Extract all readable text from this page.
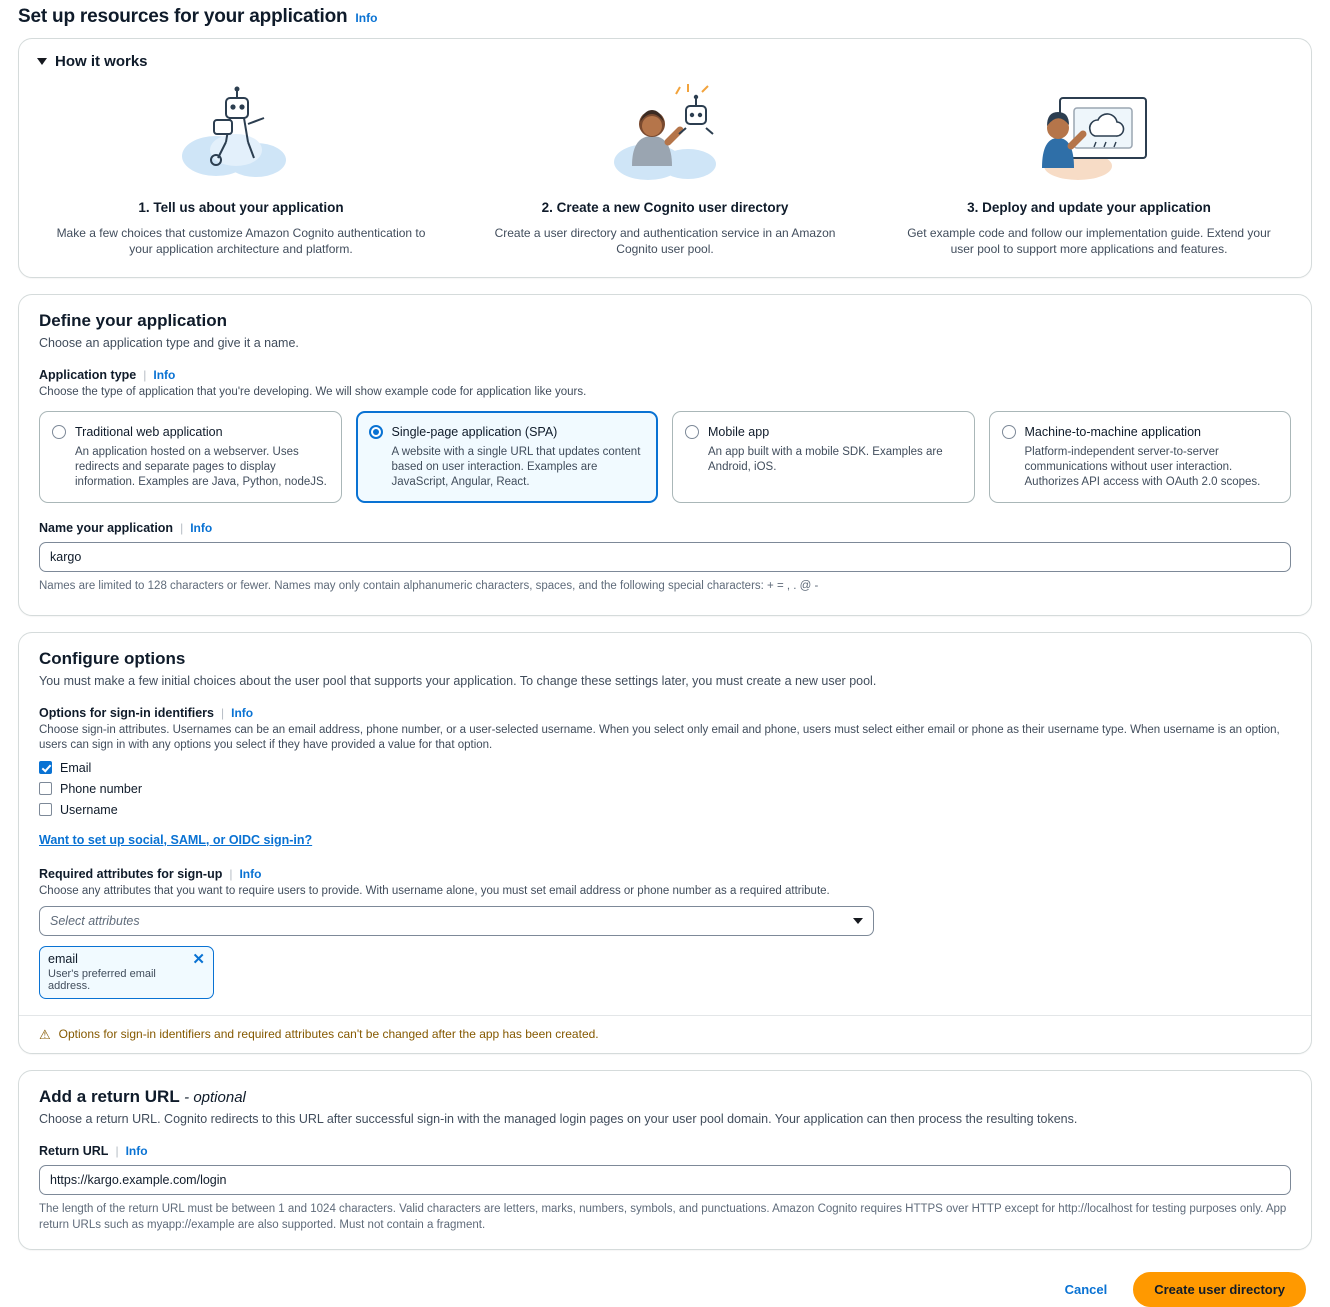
Set up resources for your application Info
How it works
1. Tell us about your application
Make a few choices that customize Amazon Cognito authentication to your application architecture and platform.
2. Create a new Cognito user directory
Create a user directory and authentication service in an Amazon Cognito user pool.
3. Deploy and update your application
Get example code and follow our implementation guide. Extend your user pool to support more applications and features.
Define your application
Choose an application type and give it a name.
Application type | Info
Choose the type of application that you're developing. We will show example code for application like yours.
Traditional web application
An application hosted on a webserver. Uses redirects and separate pages to display information. Examples are Java, Python, nodeJS.
Single-page application (SPA)
A website with a single URL that updates content based on user interaction. Examples are JavaScript, Angular, React.
Mobile app
An app built with a mobile SDK. Examples are Android, iOS.
Machine-to-machine application
Platform-independent server-to-server communications without user interaction. Authorizes API access with OAuth 2.0 scopes.
Name your application | Info
kargo
Names are limited to 128 characters or fewer. Names may only contain alphanumeric characters, spaces, and the following special characters: + = , . @ -
Configure options
You must make a few initial choices about the user pool that supports your application. To change these settings later, you must create a new user pool.
Options for sign-in identifiers | Info
Choose sign-in attributes. Usernames can be an email address, phone number, or a user-selected username. When you select only email and phone, users must select either email or phone as their username type. When username is an option, users can sign in with any options you select if they have provided a value for that option.
Email
Phone number
Username
Want to set up social, SAML, or OIDC sign-in?
Required attributes for sign-up | Info
Choose any attributes that you want to require users to provide. With username alone, you must set email address or phone number as a required attribute.
Select attributes
email
User's preferred email address.
✕
⚠ Options for sign-in identifiers and required attributes can't be changed after the app has been created.
Add a return URL - optional
Choose a return URL. Cognito redirects to this URL after successful sign-in with the managed login pages on your user pool domain. Your application can then process the resulting tokens.
Return URL | Info
https://kargo.example.com/login
The length of the return URL must be between 1 and 1024 characters. Valid characters are letters, marks, numbers, symbols, and punctuations. Amazon Cognito requires HTTPS over HTTP except for http://localhost for testing purposes only. App return URLs such as myapp://example are also supported. Must not contain a fragment.
Cancel	Create user directory
